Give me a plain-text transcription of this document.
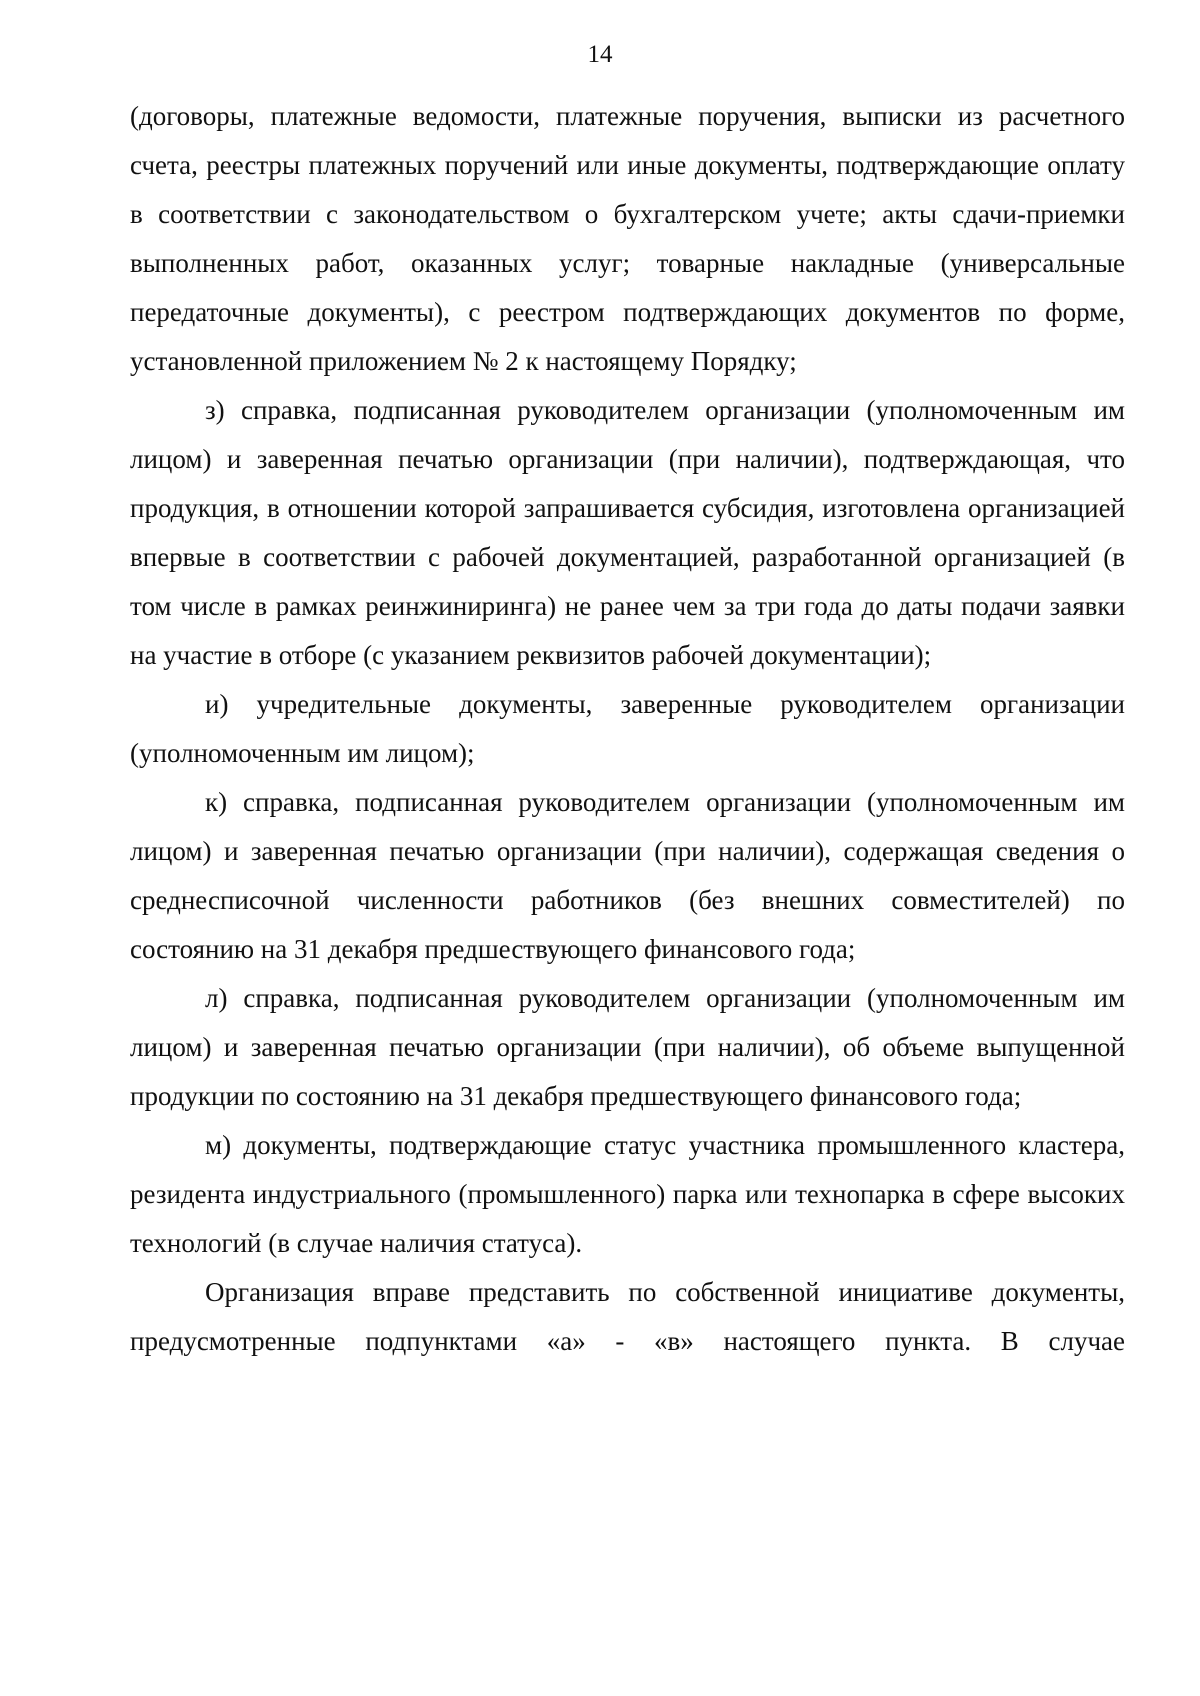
14

(договоры, платежные ведомости, платежные поручения, выписки из расчетного счета, реестры платежных поручений или иные документы, подтверждающие оплату в соответствии с законодательством о бухгалтерском учете; акты сдачи-приемки выполненных работ, оказанных услуг; товарные накладные (универсальные передаточные документы), с реестром подтверждающих документов по форме, установленной приложением № 2 к настоящему Порядку;

з) справка, подписанная руководителем организации (уполномоченным им лицом) и заверенная печатью организации (при наличии), подтверждающая, что продукция, в отношении которой запрашивается субсидия, изготовлена организацией впервые в соответствии с рабочей документацией, разработанной организацией (в том числе в рамках реинжиниринга) не ранее чем за три года до даты подачи заявки на участие в отборе (с указанием реквизитов рабочей документации);

и) учредительные документы, заверенные руководителем организации (уполномоченным им лицом);

к) справка, подписанная руководителем организации (уполномоченным им лицом) и заверенная печатью организации (при наличии), содержащая сведения о среднесписочной численности работников (без внешних совместителей) по состоянию на 31 декабря предшествующего финансового года;

л) справка, подписанная руководителем организации (уполномоченным им лицом) и заверенная печатью организации (при наличии), об объеме выпущенной продукции по состоянию на 31 декабря предшествующего финансового года;

м) документы, подтверждающие статус участника промышленного кластера, резидента индустриального (промышленного) парка или технопарка в сфере высоких технологий (в случае наличия статуса).

Организация вправе представить по собственной инициативе документы, предусмотренные подпунктами «а» - «в» настоящего пункта. В случае
